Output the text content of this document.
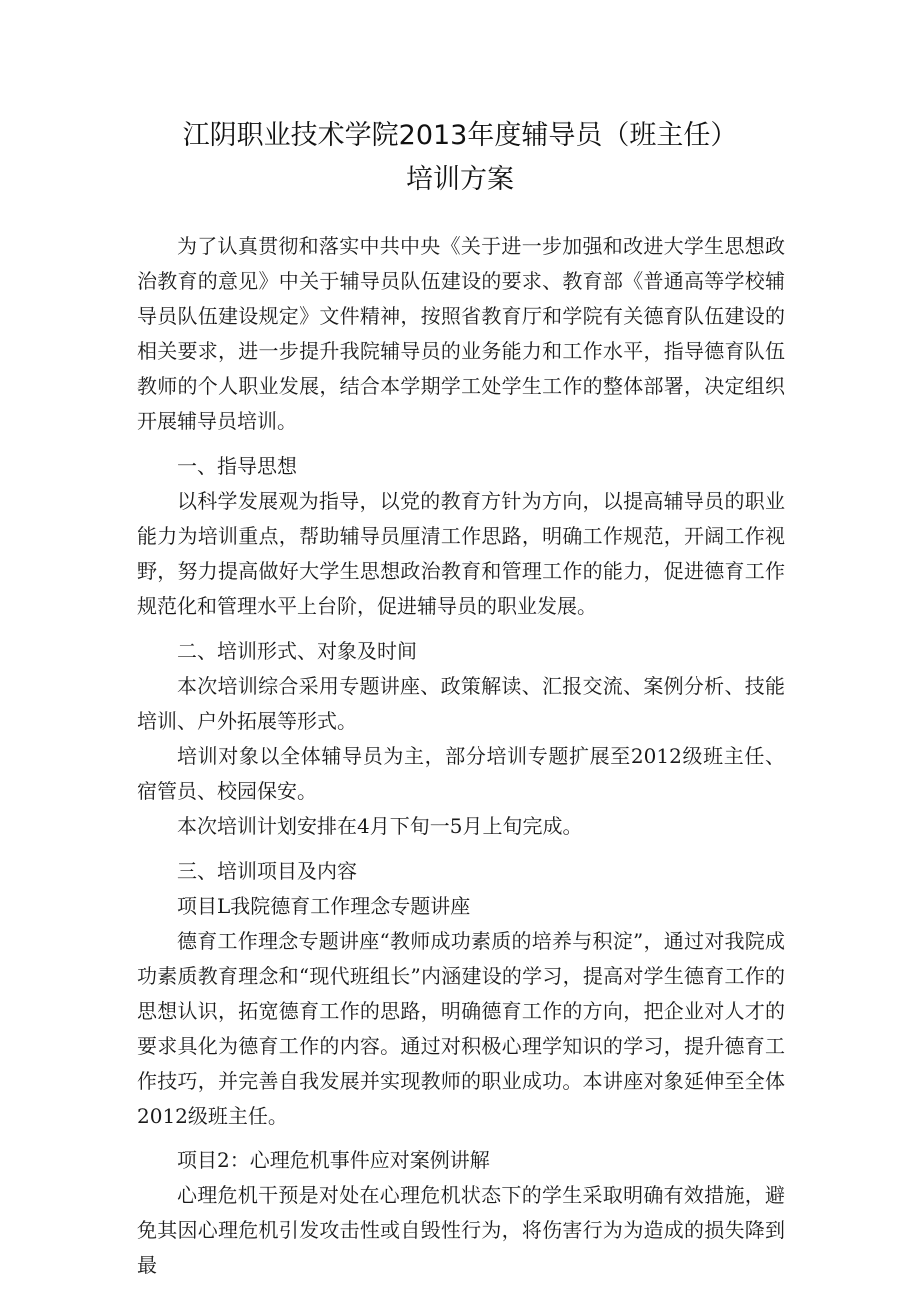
江阴职业技术学院2013年度辅导员（班主任）
培训方案

为了认真贯彻和落实中共中央《关于进一步加强和改进大学生思想政治教育的意见》中关于辅导员队伍建设的要求、教育部《普通高等学校辅导员队伍建设规定》文件精神，按照省教育厅和学院有关德育队伍建设的相关要求，进一步提升我院辅导员的业务能力和工作水平，指导德育队伍教师的个人职业发展，结合本学期学工处学生工作的整体部署，决定组织开展辅导员培训。

一、指导思想

以科学发展观为指导，以党的教育方针为方向，以提高辅导员的职业能力为培训重点，帮助辅导员厘清工作思路，明确工作规范，开阔工作视野，努力提高做好大学生思想政治教育和管理工作的能力，促进德育工作规范化和管理水平上台阶，促进辅导员的职业发展。

二、培训形式、对象及时间

本次培训综合采用专题讲座、政策解读、汇报交流、案例分析、技能培训、户外拓展等形式。

培训对象以全体辅导员为主，部分培训专题扩展至2012级班主任、宿管员、校园保安。

本次培训计划安排在4月下旬一5月上旬完成。

三、培训项目及内容

项目L我院德育工作理念专题讲座

德育工作理念专题讲座“教师成功素质的培养与积淀”，通过对我院成功素质教育理念和“现代班组长”内涵建设的学习，提高对学生德育工作的思想认识，拓宽德育工作的思路，明确德育工作的方向，把企业对人才的要求具化为德育工作的内容。通过对积极心理学知识的学习，提升德育工作技巧，并完善自我发展并实现教师的职业成功。本讲座对象延伸至全体2012级班主任。

项目2：心理危机事件应对案例讲解

心理危机干预是对处在心理危机状态下的学生采取明确有效措施，避免其因心理危机引发攻击性或自毁性行为，将伤害行为为造成的损失降到最
